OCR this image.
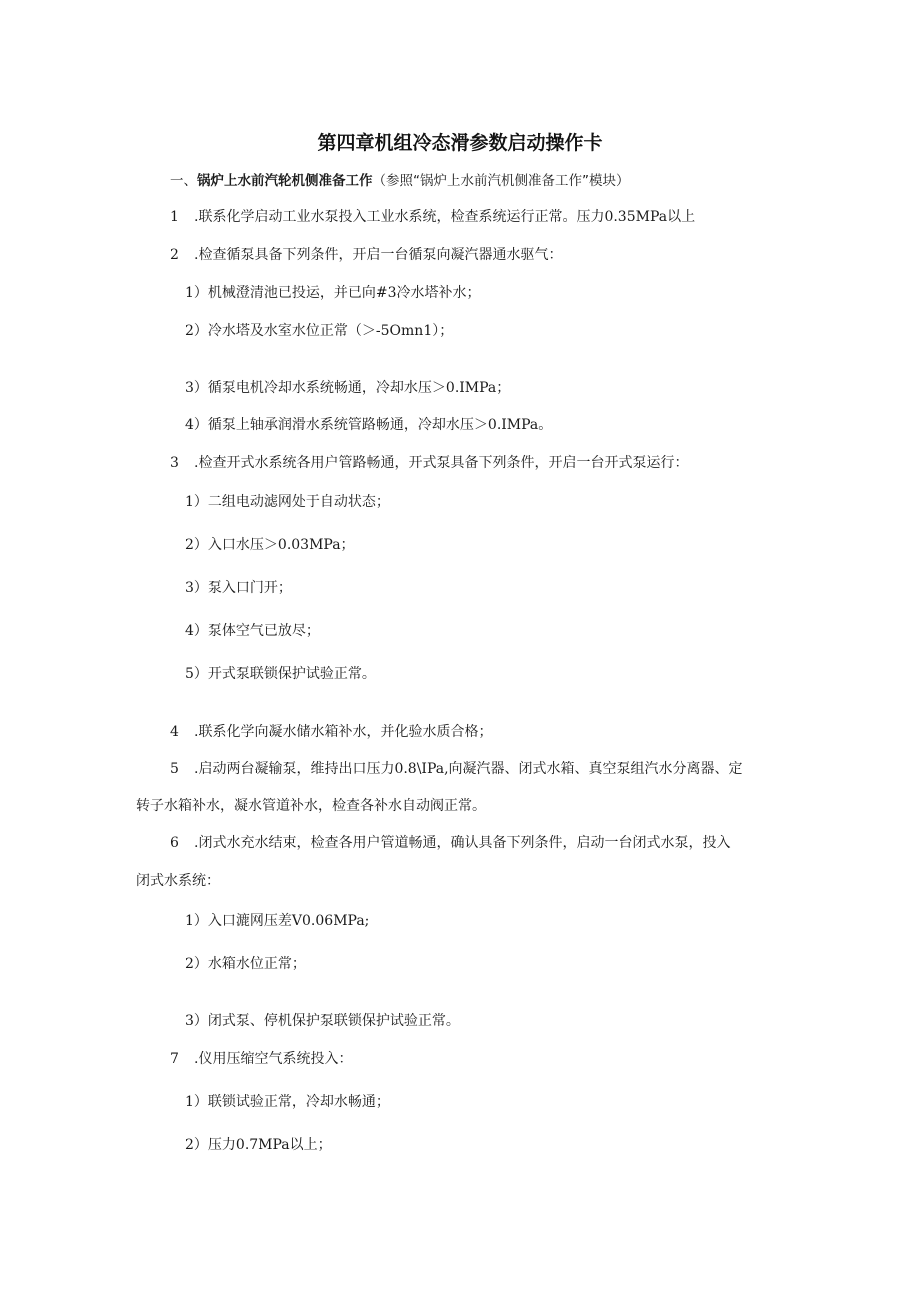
第四章机组冷态滑参数启动操作卡
一、锅炉上水前汽轮机侧准备工作（参照“锅炉上水前汽机侧准备工作”模块）
1 .联系化学启动工业水泵投入工业水系统，检查系统运行正常。压力0.35MPa以上
2 .检查循泵具备下列条件，开启一台循泵向凝汽器通水驱气：
1）机械澄清池已投运，并已向#3冷水塔补水；
2）冷水塔及水室水位正常（＞-5Omn1）；
3）循泵电机冷却水系统畅通，冷却水压＞0.IMPa；
4）循泵上轴承润滑水系统管路畅通，冷却水压＞0.IMPa。
3 .检查开式水系统各用户管路畅通，开式泵具备下列条件，开启一台开式泵运行：
1）二组电动滤网处于自动状态；
2）入口水压＞0.03MPa；
3）泵入口门开；
4）泵体空气已放尽；
5）开式泵联锁保护试验正常。
4 .联系化学向凝水储水箱补水，并化验水质合格；
5 .启动两台凝输泵，维持出口压力0.8\IPa,向凝汽器、闭式水箱、真空泵组汽水分离器、定
转子水箱补水，凝水管道补水，检查各补水自动阀正常。
6 .闭式水充水结束，检查各用户管道畅通，确认具备下列条件，启动一台闭式水泵，投入
闭式水系统：
1）入口漉网压差V0.06MPa;
2）水箱水位正常；
3）闭式泵、停机保护泵联锁保护试验正常。
7 .仪用压缩空气系统投入：
1）联锁试验正常，冷却水畅通；
2）压力0.7MPa以上；
